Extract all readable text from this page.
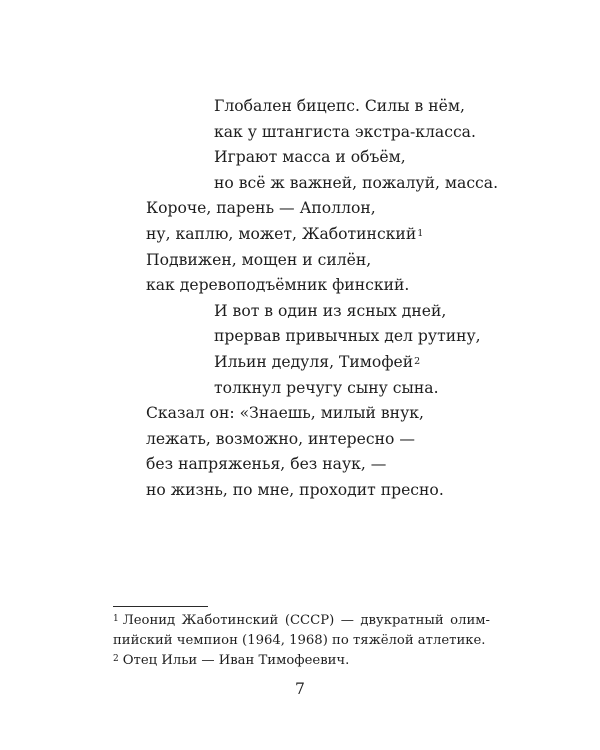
Глобален бицепс. Силы в нём,
как у штангиста экстра-класса.
Играют масса и объём,
но всё ж важней, пожалуй, масса.
Короче, парень — Аполлон,
ну, каплю, может, Жаботинский$^1$
Подвижен, мощен и силён,
как деревоподъёмник финский.
И вот в один из ясных дней,
прервав привычных дел рутину,
Ильин дедуля, Тимофей$^2$
толкнул речугу сыну сына.
Сказал он: «Знаешь, милый внук,
лежать, возможно, интересно —
без напряженья, без наук, —
но жизнь, по мне, проходит пресно.
$^1$ Леонид Жаботинский (СССР) — двукратный олимпийский чемпион (1964, 1968) по тяжёлой атлетике.
$^2$ Отец Ильи — Иван Тимофеевич.
7
